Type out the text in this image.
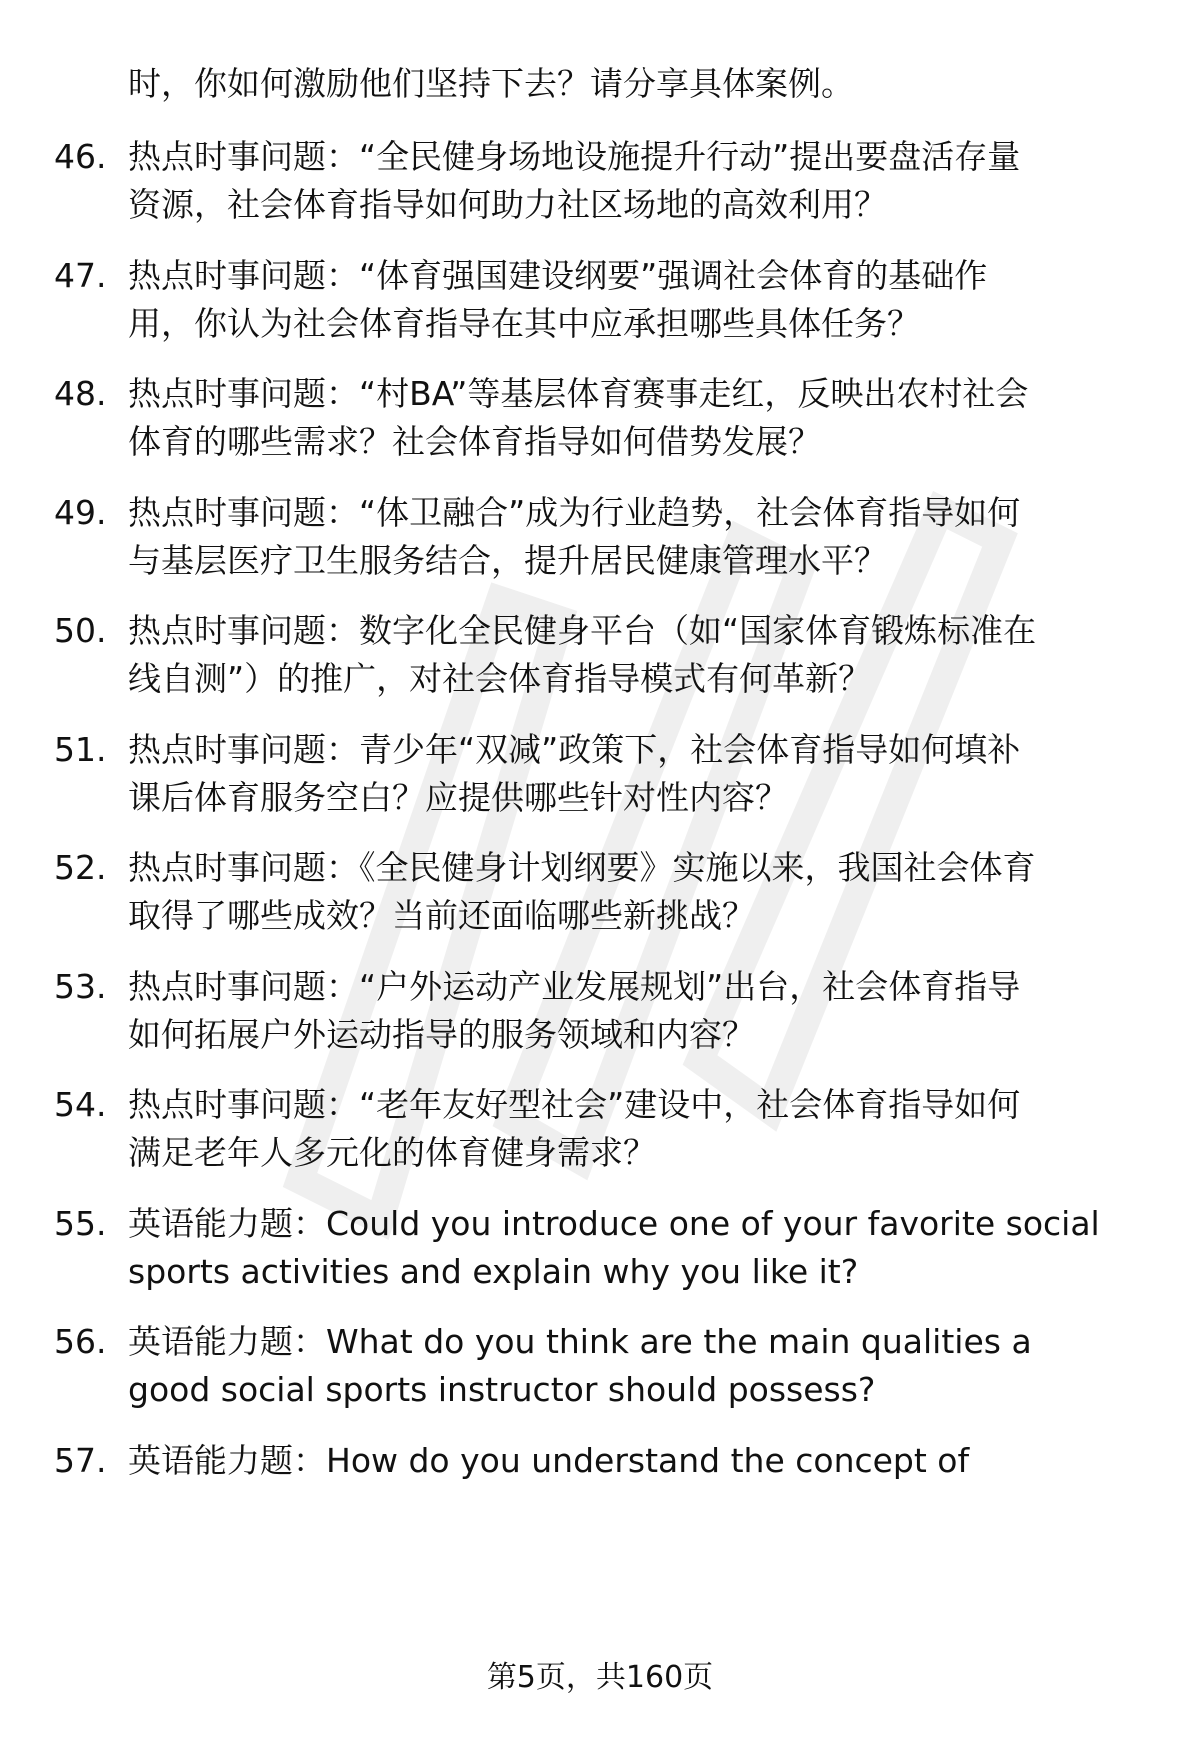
时，你如何激励他们坚持下去？请分享具体案例。
46. 热点时事问题：“全民健身场地设施提升行动”提出要盘活存量
资源，社会体育指导如何助力社区场地的高效利用？
47. 热点时事问题：“体育强国建设纲要”强调社会体育的基础作
用，你认为社会体育指导在其中应承担哪些具体任务？
48. 热点时事问题：“村BA”等基层体育赛事走红，反映出农村社会
体育的哪些需求？社会体育指导如何借势发展？
49. 热点时事问题：“体卫融合”成为行业趋势，社会体育指导如何
与基层医疗卫生服务结合，提升居民健康管理水平？
50. 热点时事问题：数字化全民健身平台（如“国家体育锻炼标准在
线自测”）的推广，对社会体育指导模式有何革新？
51. 热点时事问题：青少年“双减”政策下，社会体育指导如何填补
课后体育服务空白？应提供哪些针对性内容？
52. 热点时事问题：《全民健身计划纲要》实施以来，我国社会体育
取得了哪些成效？当前还面临哪些新挑战？
53. 热点时事问题：“户外运动产业发展规划”出台，社会体育指导
如何拓展户外运动指导的服务领域和内容？
54. 热点时事问题：“老年友好型社会”建设中，社会体育指导如何
满足老年人多元化的体育健身需求？
55. 英语能力题：Could you introduce one of your favorite social
sports activities and explain why you like it?
56. 英语能力题：What do you think are the main qualities a
good social sports instructor should possess?
57. 英语能力题：How do you understand the concept of
第5页，共160页
